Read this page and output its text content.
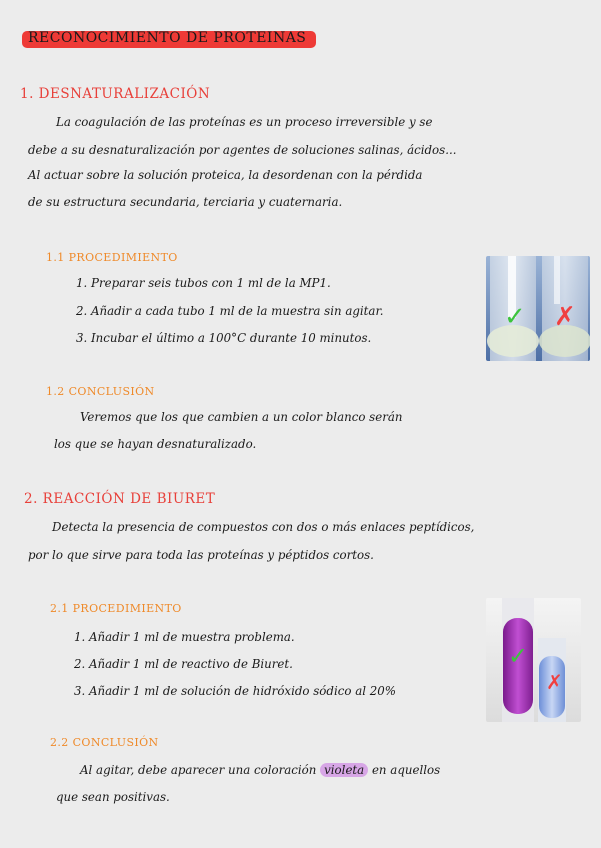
RECONOCIMIENTO DE PROTEINAS
1. DESNATURALIZACIÓN
La coagulación de las proteínas es un proceso irreversible y se
debe a su desnaturalización por agentes de soluciones salinas, ácidos...
Al actuar sobre la solución proteica, la desordenan con la pérdida
de su estructura secundaria, terciaria y cuaternaria.
1.1 PROCEDIMIENTO
1. Preparar seis tubos con 1 ml de la MP1.
2. Añadir a cada tubo 1 ml de la muestra sin agitar.
3. Incubar el último a 100°C durante 10 minutos.
✓ ✗
1.2 CONCLUSIÓN
Veremos que los que cambien a un color blanco serán
los que se hayan desnaturalizado.
2. REACCIÓN DE BIURET
Detecta la presencia de compuestos con dos o más enlaces peptídicos,
por lo que sirve para toda las proteínas y péptidos cortos.
2.1 PROCEDIMIENTO
1. Añadir 1 ml de muestra problema.
2. Añadir 1 ml de reactivo de Biuret.
3. Añadir 1 ml de solución de hidróxido sódico al 20%
✓
✗
2.2 CONCLUSIÓN
Al agitar, debe aparecer una coloración violeta en aquellos
que sean positivas.
